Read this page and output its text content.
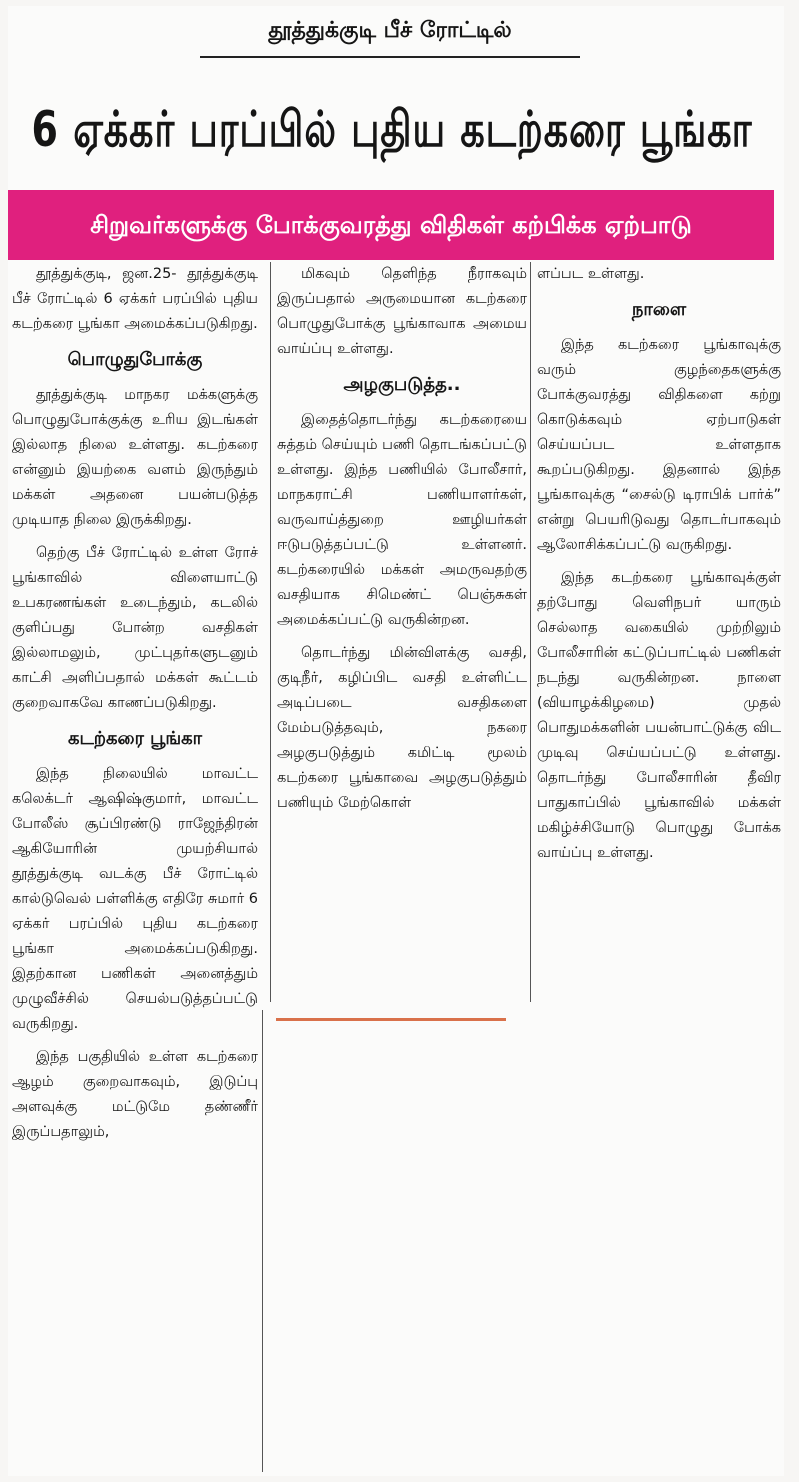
தூத்துக்குடி பீச் ரோட்டில்
6 ஏக்கர் பரப்பில் புதிய கடற்கரை பூங்கா
சிறுவர்களுக்கு போக்குவரத்து விதிகள் கற்பிக்க ஏற்பாடு

தூத்துக்குடி, ஜன.25- தூத்துக்குடி பீச் ரோட்டில் 6 ஏக்கர் பரப்பில் புதிய கடற்கரை பூங்கா அமைக்கப்படுகிறது.

பொழுதுபோக்கு

தூத்துக்குடி மாநகர மக்களுக்கு பொழுதுபோக்குக்கு உரிய இடங்கள் இல்லாத நிலை உள்ளது. கடற்கரை என்னும் இயற்கை வளம் இருந்தும் மக்கள் அதனை பயன்படுத்த முடியாத நிலை இருக்கிறது.

தெற்கு பீச் ரோட்டில் உள்ள ரோச் பூங்காவில் விளையாட்டு உபகரணங்கள் உடைந்தும், கடலில் குளிப்பது போன்ற வசதிகள் இல்லாமலும், முட்புதர்களுடனும் காட்சி அளிப்பதால் மக்கள் கூட்டம் குறைவாகவே காணப்படுகிறது.

கடற்கரை பூங்கா

இந்த நிலையில் மாவட்ட கலெக்டர் ஆஷிஷ்குமார், மாவட்ட போலீஸ் சூப்பிரண்டு ராஜேந்திரன் ஆகியோரின் முயற்சியால் தூத்துக்குடி வடக்கு பீச் ரோட்டில் கால்டுவெல் பள்ளிக்கு எதிரே சுமார் 6 ஏக்கர் பரப்பில் புதிய கடற்கரை பூங்கா அமைக்கப்படுகிறது. இதற்கான பணிகள் அனைத்தும் முழுவீச்சில் செயல்படுத்தப்பட்டு வருகிறது.

இந்த பகுதியில் உள்ள கடற்கரை ஆழம் குறைவாகவும், இடுப்பு அளவுக்கு மட்டுமே தண்ணீர் இருப்பதாலும்,

மிகவும் தெளிந்த நீராகவும் இருப்பதால் அருமையான கடற்கரை பொழுதுபோக்கு பூங்காவாக அமைய வாய்ப்பு உள்ளது.

அழகுபடுத்த..

இதைத்தொடர்ந்து கடற்கரையை சுத்தம் செய்யும் பணி தொடங்கப்பட்டு உள்ளது. இந்த பணியில் போலீசார், மாநகராட்சி பணியாளர்கள், வருவாய்த்துறை ஊழியர்கள் ஈடுபடுத்தப்பட்டு உள்ளனர். கடற்கரையில் மக்கள் அமருவதற்கு வசதியாக சிமெண்ட் பெஞ்சுகள் அமைக்கப்பட்டு வருகின்றன.

தொடர்ந்து மின்விளக்கு வசதி, குடிநீர், கழிப்பிட வசதி உள்ளிட்ட அடிப்படை வசதிகளை மேம்படுத்தவும், நகரை அழகுபடுத்தும் கமிட்டி மூலம் கடற்கரை பூங்காவை அழகுபடுத்தும் பணியும் மேற்கொள்

ளப்பட உள்ளது.

நாளை

இந்த கடற்கரை பூங்காவுக்கு வரும் குழந்தைகளுக்கு போக்குவரத்து விதிகளை கற்று கொடுக்கவும் ஏற்பாடுகள் செய்யப்பட உள்ளதாக கூறப்படுகிறது. இதனால் இந்த பூங்காவுக்கு “சைல்டு டிராபிக் பார்க்” என்று பெயரிடுவது தொடர்பாகவும் ஆலோசிக்கப்பட்டு வருகிறது.

இந்த கடற்கரை பூங்காவுக்குள் தற்போது வெளிநபர் யாரும் செல்லாத வகையில் முற்றிலும் போலீசாரின் கட்டுப்பாட்டில் பணிகள் நடந்து வருகின்றன. நாளை (வியாழக்கிழமை) முதல் பொதுமக்களின் பயன்பாட்டுக்கு விட முடிவு செய்யப்பட்டு உள்ளது. தொடர்ந்து போலீசாரின் தீவிர பாதுகாப்பில் பூங்காவில் மக்கள் மகிழ்ச்சியோடு பொழுது போக்க வாய்ப்பு உள்ளது.
